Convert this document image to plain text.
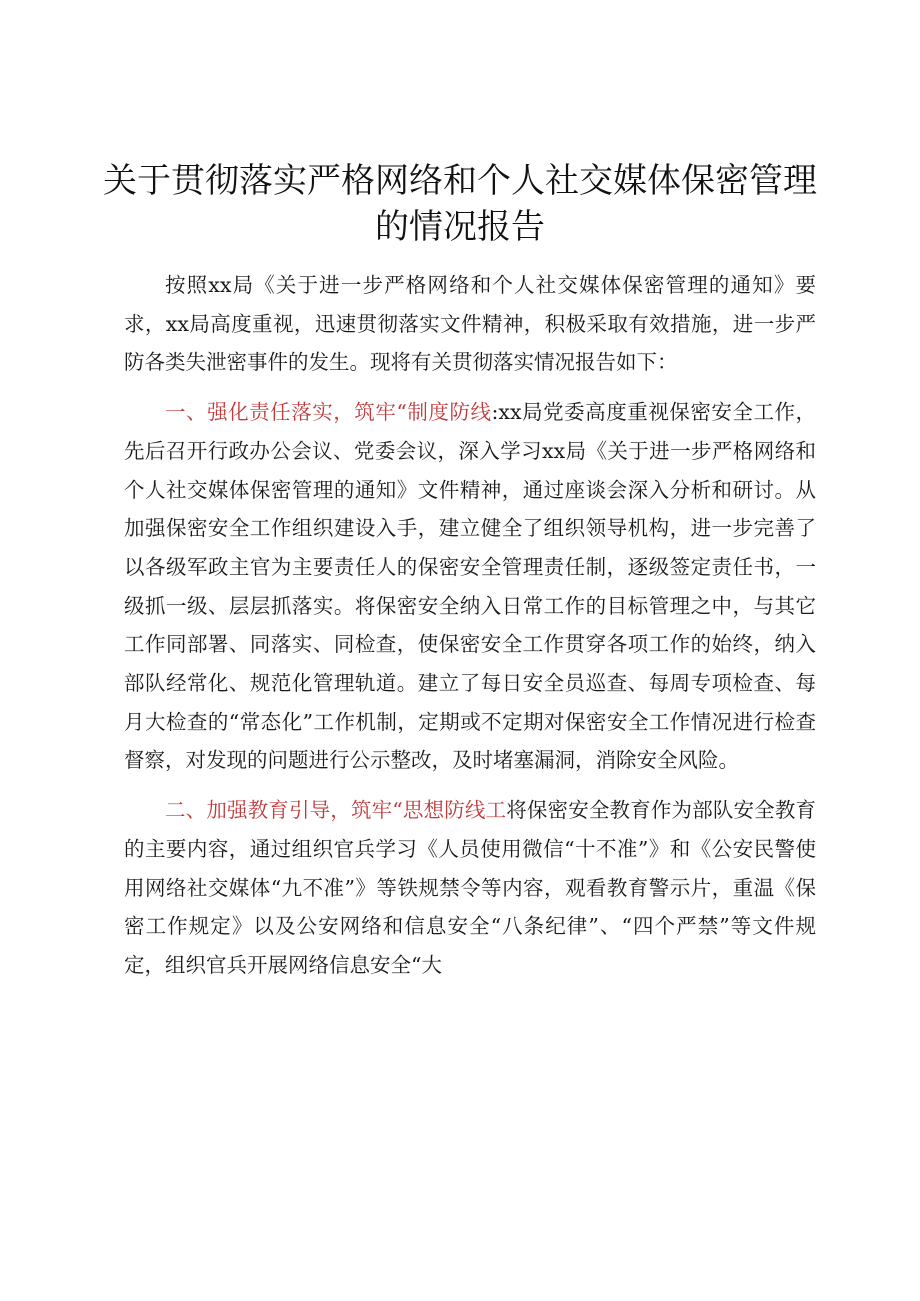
关于贯彻落实严格网络和个人社交媒体保密管理的情况报告

按照xx局《关于进一步严格网络和个人社交媒体保密管理的通知》要求，xx局高度重视，迅速贯彻落实文件精神，积极采取有效措施，进一步严防各类失泄密事件的发生。现将有关贯彻落实情况报告如下：

一、强化责任落实，筑牢“制度防线:xx局党委高度重视保密安全工作，先后召开行政办公会议、党委会议，深入学习xx局《关于进一步严格网络和个人社交媒体保密管理的通知》文件精神，通过座谈会深入分析和研讨。从加强保密安全工作组织建设入手，建立健全了组织领导机构，进一步完善了以各级军政主官为主要责任人的保密安全管理责任制，逐级签定责任书，一级抓一级、层层抓落实。将保密安全纳入日常工作的目标管理之中，与其它工作同部署、同落实、同检查，使保密安全工作贯穿各项工作的始终，纳入部队经常化、规范化管理轨道。建立了每日安全员巡查、每周专项检查、每月大检查的“常态化”工作机制，定期或不定期对保密安全工作情况进行检查督察，对发现的问题进行公示整改，及时堵塞漏洞，消除安全风险。

二、加强教育引导，筑牢“思想防线工将保密安全教育作为部队安全教育的主要内容，通过组织官兵学习《人员使用微信“十不准”》和《公安民警使用网络社交媒体“九不准”》等铁规禁令等内容，观看教育警示片，重温《保密工作规定》以及公安网络和信息安全“八条纪律”、“四个严禁”等文件规定，组织官兵开展网络信息安全“大
